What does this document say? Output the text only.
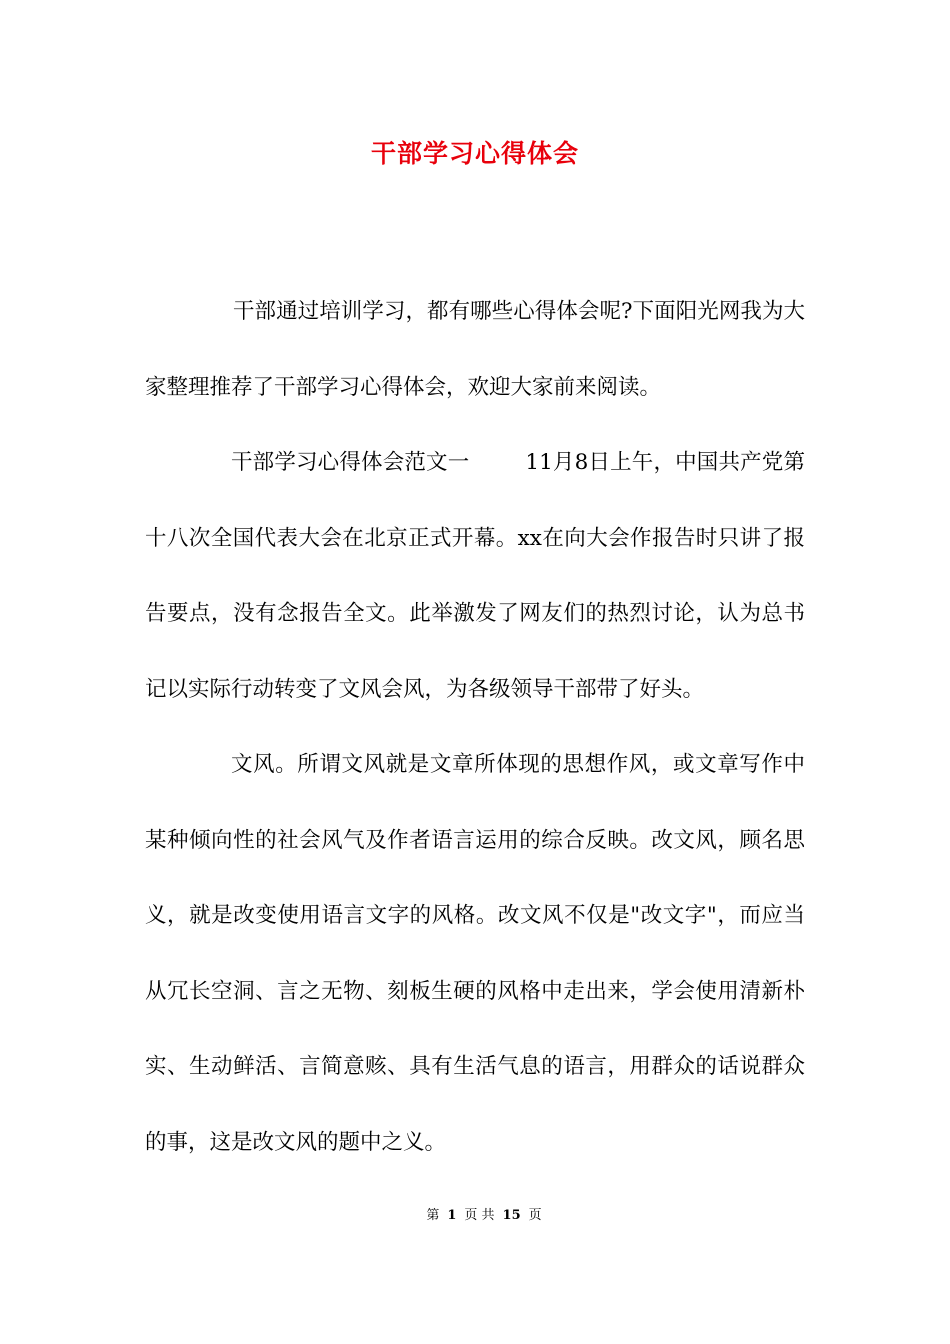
干部学习心得体会

干部通过培训学习，都有哪些心得体会呢?下面阳光网我为大家整理推荐了干部学习心得体会，欢迎大家前来阅读。

干部学习心得体会范文一	11月8日上午，中国共产党第十八次全国代表大会在北京正式开幕。xx在向大会作报告时只讲了报告要点，没有念报告全文。此举激发了网友们的热烈讨论，认为总书记以实际行动转变了文风会风，为各级领导干部带了好头。

文风。所谓文风就是文章所体现的思想作风，或文章写作中某种倾向性的社会风气及作者语言运用的综合反映。改文风，顾名思义，就是改变使用语言文字的风格。改文风不仅是"改文字"，而应当从冗长空洞、言之无物、刻板生硬的风格中走出来，学会使用清新朴实、生动鲜活、言简意赅、具有生活气息的语言，用群众的话说群众的事，这是改文风的题中之义。

第 1 页 共 15 页
